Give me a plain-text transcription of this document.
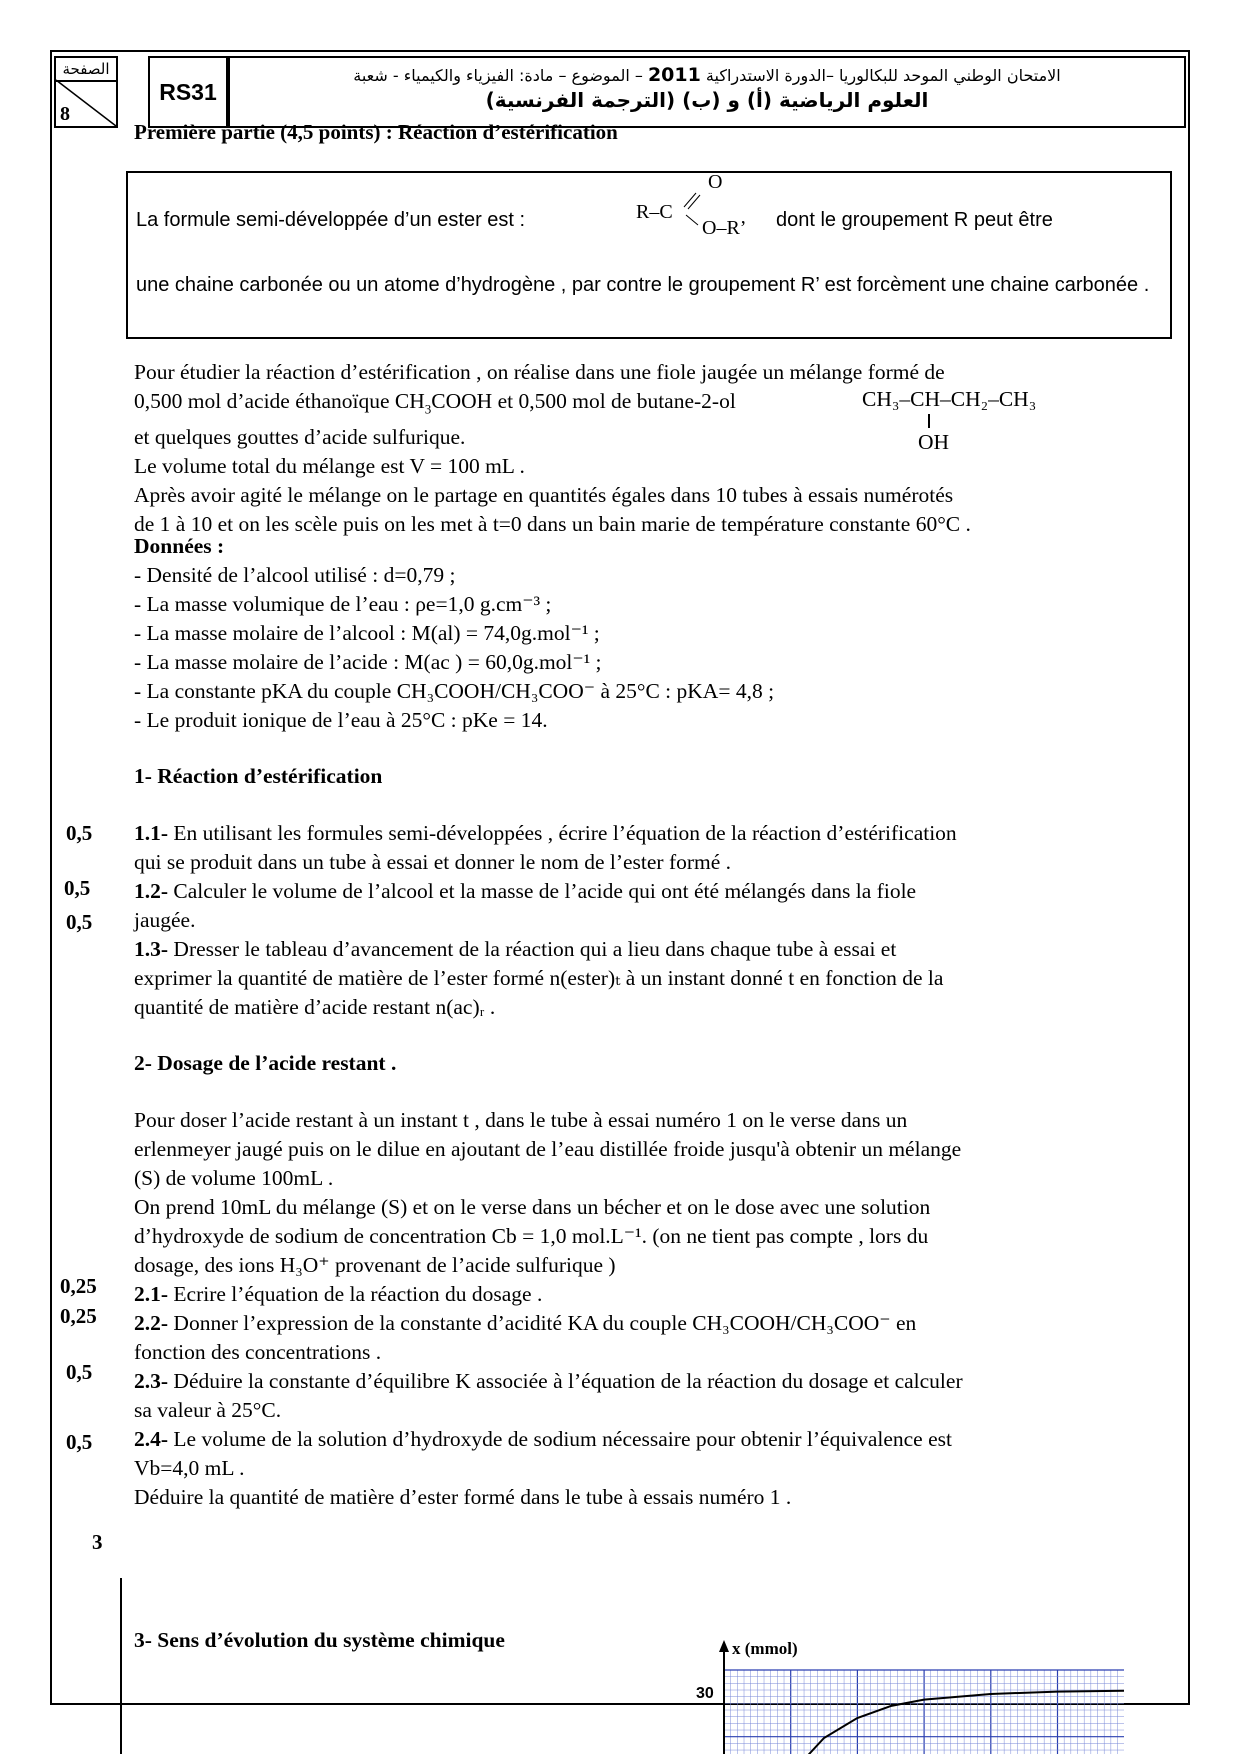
الصفحة
8
RS31
الامتحان الوطني الموحد للبكالوريا –الدورة الاستدراكية 2011 – الموضوع – مادة: الفيزياء والكيمياء - شعبة
العلوم الرياضية (أ) و (ب) (الترجمة الفرنسية)
Première partie (4,5 points) : Réaction d’estérification
La formule semi-développée d’un ester est :
O
R–C
O–R’ dont le groupement R peut être
une chaine carbonée ou un atome d’hydrogène , par contre le groupement R’ est forcèment une chaine carbonée .
Pour étudier la réaction d’estérification , on réalise dans une fiole jaugée un mélange formé de
0,500 mol d’acide éthanoïque $CH_3COOH$ et 0,500 mol de butane-2-ol
et quelques gouttes d’acide sulfurique.
Le volume total du mélange est V = 100 mL .
Après avoir agité le mélange on le partage en quantités égales dans 10 tubes à essais numérotés
de 1 à 10 et on les scèle puis on les met à t=0 dans un bain marie de température constante 60°C .
CH₃–CH–CH₂–CH₃
OH
Données :
- Densité de l’alcool utilisé : d=0,79 ;
- La masse volumique de l’eau : ρe=1,0 g.cm⁻³ ;
- La masse molaire de l’alcool : M(al) = 74,0g.mol⁻¹ ;
- La masse molaire de l’acide : M(ac ) = 60,0g.mol⁻¹ ;
- La constante pKA du couple CH₃COOH/CH₃COO⁻ à 25°C : pKA= 4,8 ;
- Le produit ionique de l’eau à 25°C : pKe = 14.
1- Réaction d’estérification
1.1- En utilisant les formules semi-développées , écrire l’équation de la réaction d’estérification
qui se produit dans un tube à essai et donner le nom de l’ester formé .
1.2- Calculer le volume de l’alcool et la masse de l’acide qui ont été mélangés dans la fiole
jaugée.
1.3- Dresser le tableau d’avancement de la réaction qui a lieu dans chaque tube à essai et
exprimer la quantité de matière de l’ester formé n(ester)ₜ à un instant donné t en fonction de la
quantité de matière d’acide restant n(ac)ᵣ .
0,5
0,5
0,5
2- Dosage de l’acide restant .
Pour doser l’acide restant à un instant t , dans le tube à essai numéro 1 on le verse dans un
erlenmeyer jaugé puis on le dilue en ajoutant de l’eau distillée froide jusqu'à obtenir un mélange
(S) de volume 100mL .
On prend 10mL du mélange (S) et on le verse dans un bécher et on le dose avec une solution
d’hydroxyde de sodium de concentration Cb = 1,0 mol.L⁻¹. (on ne tient pas compte , lors du
dosage, des ions H₃O⁺ provenant de l’acide sulfurique )
2.1- Ecrire l’équation de la réaction du dosage .
2.2- Donner l’expression de la constante d’acidité KA du couple CH₃COOH/CH₃COO⁻ en
fonction des concentrations .
2.3- Déduire la constante d’équilibre K associée à l’équation de la réaction du dosage et calculer
sa valeur à 25°C.
2.4- Le volume de la solution d’hydroxyde de sodium nécessaire pour obtenir l’équivalence est
Vb=4,0 mL .
Déduire la quantité de matière d’ester formé dans le tube à essais numéro 1 .
0,25
0,25
0,5
0,5
3
3- Sens d’évolution du système chimique	x (mmol)
30
